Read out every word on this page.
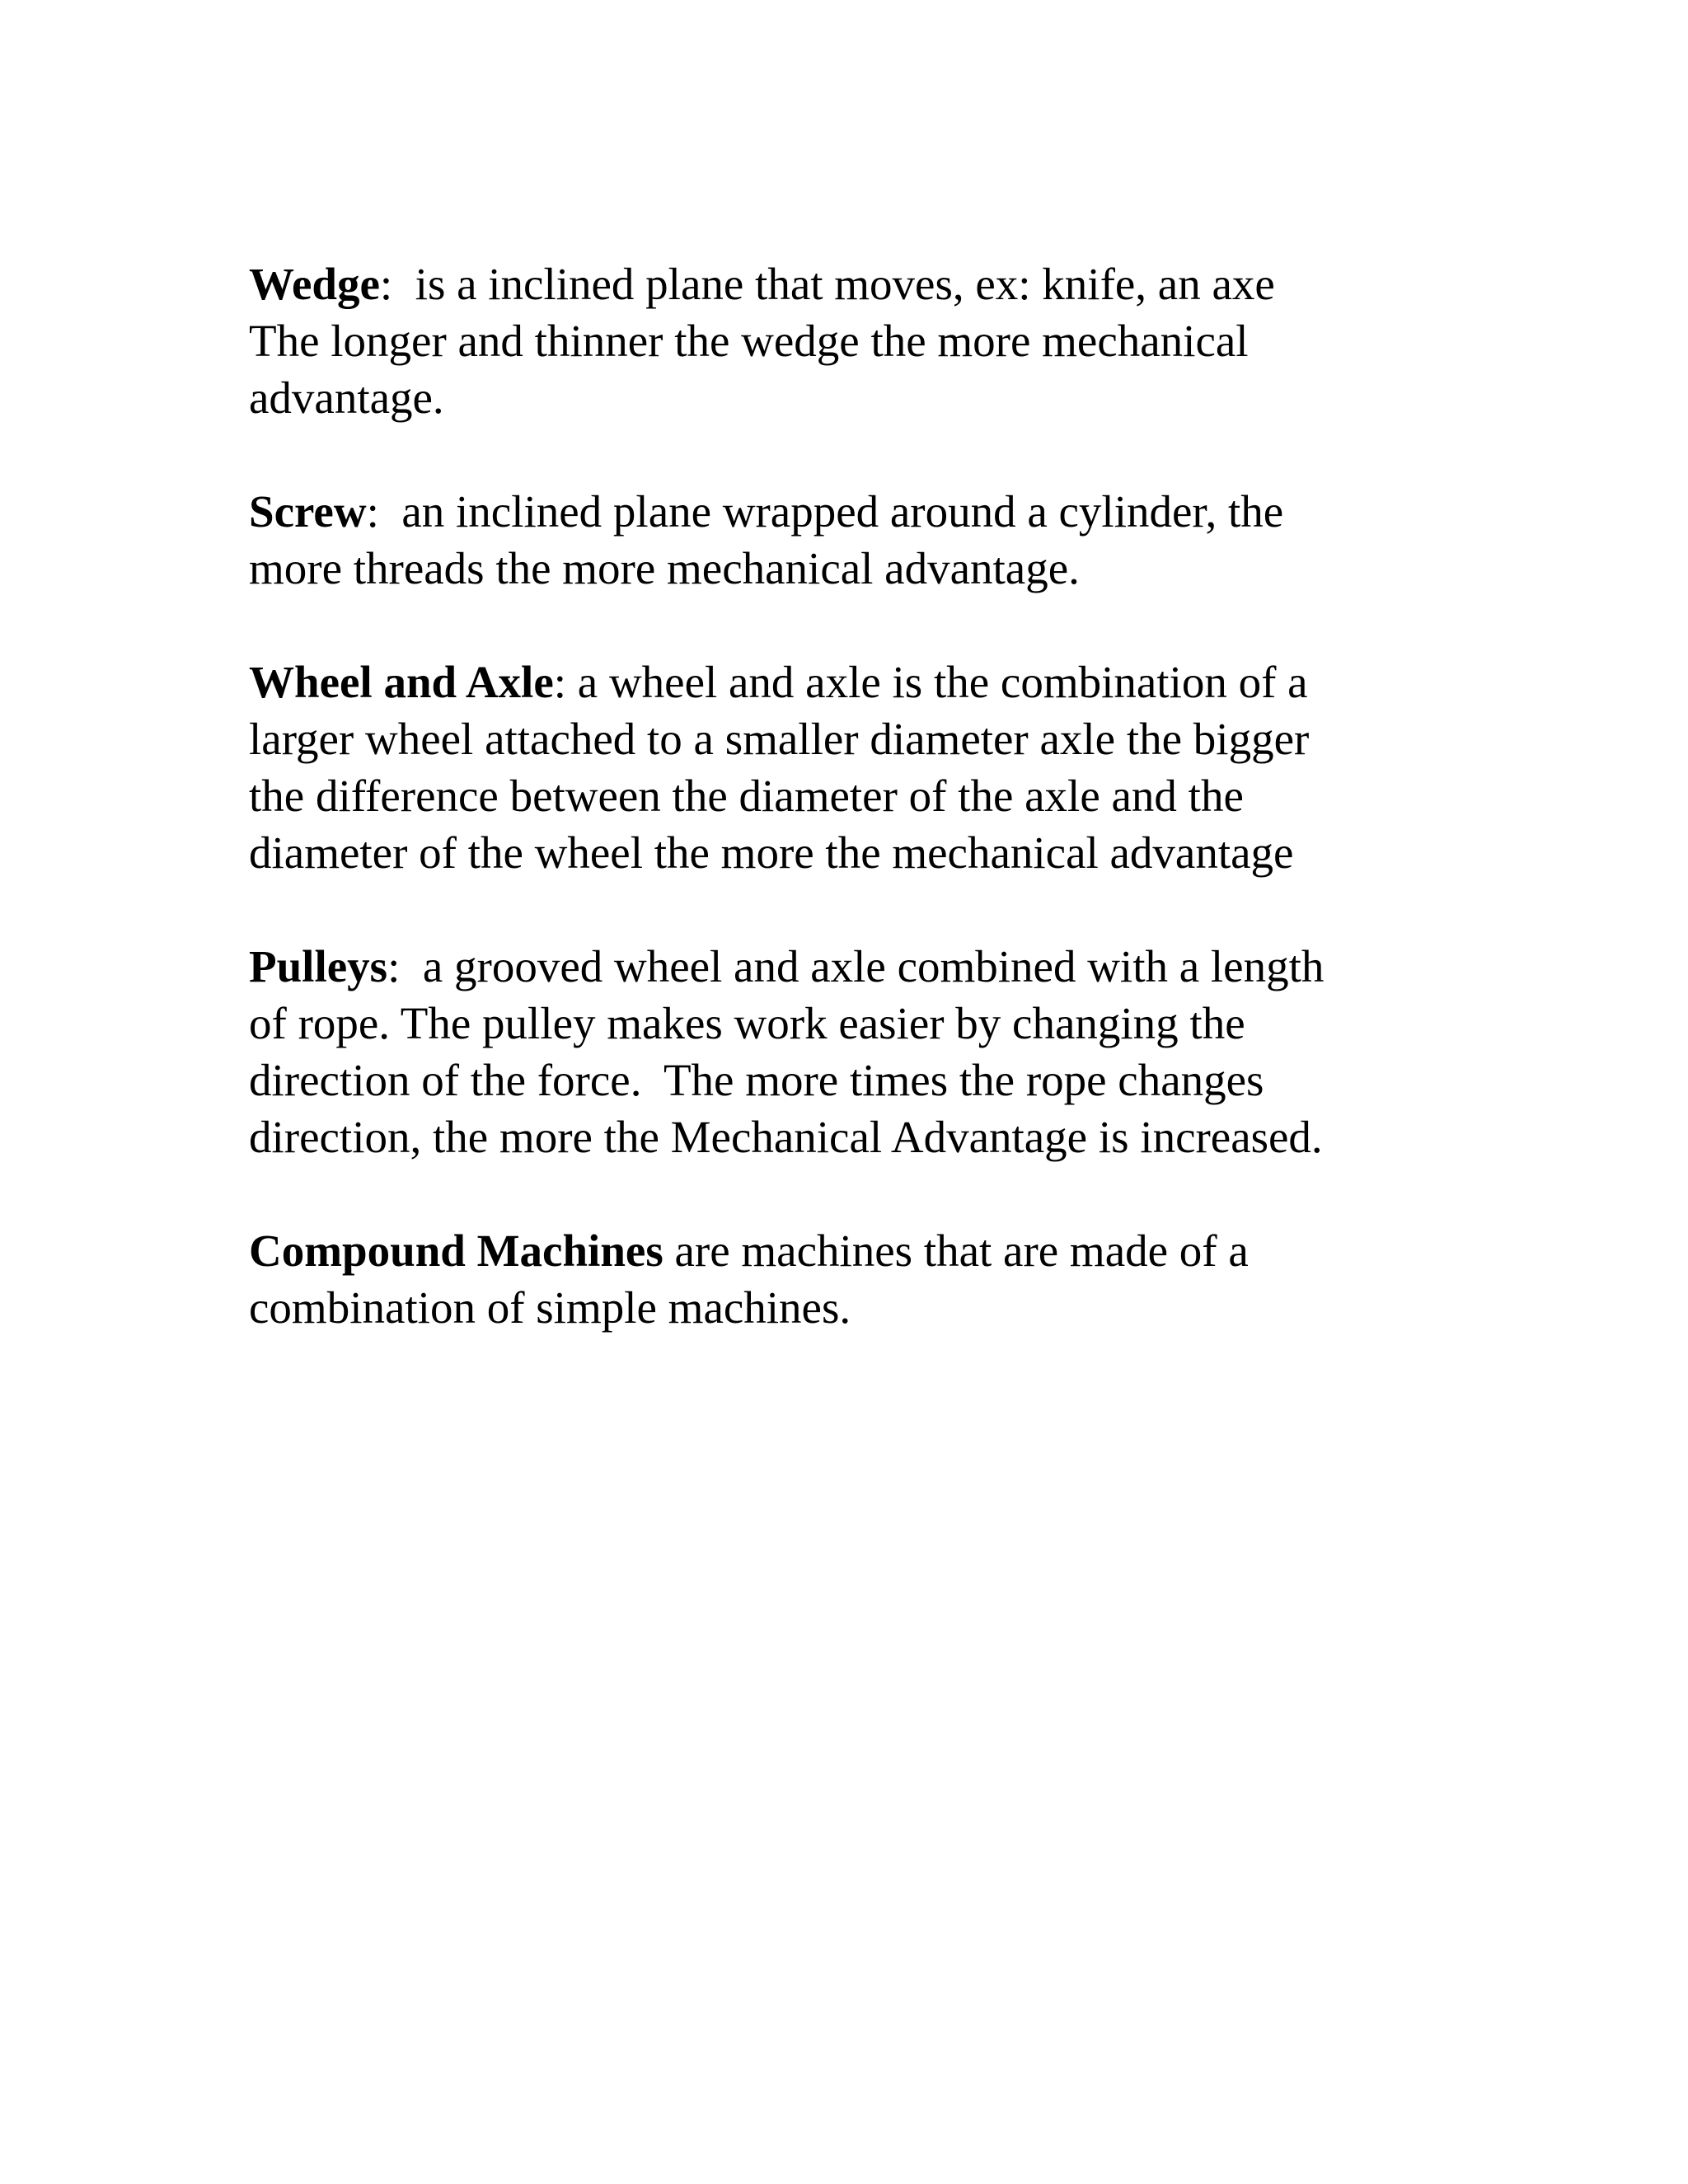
Wedge:  is a inclined plane that moves, ex: knife, an axe
The longer and thinner the wedge the more mechanical
advantage.

Screw:  an inclined plane wrapped around a cylinder, the
more threads the more mechanical advantage.

Wheel and Axle: a wheel and axle is the combination of a
larger wheel attached to a smaller diameter axle the bigger
the difference between the diameter of the axle and the
diameter of the wheel the more the mechanical advantage

Pulleys:  a grooved wheel and axle combined with a length
of rope. The pulley makes work easier by changing the
direction of the force.  The more times the rope changes
direction, the more the Mechanical Advantage is increased.

Compound Machines are machines that are made of a
combination of simple machines.
